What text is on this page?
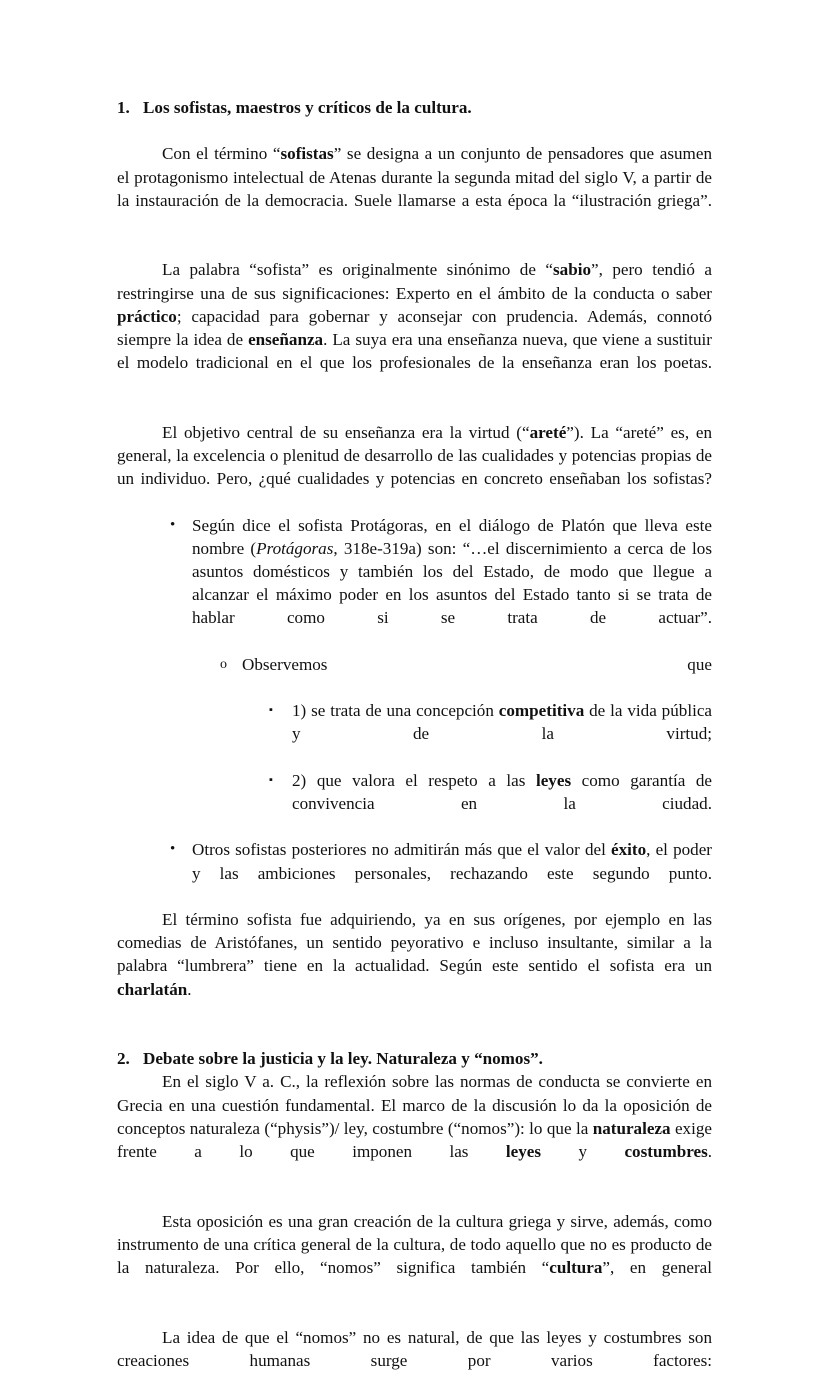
1. Los sofistas, maestros y críticos de la cultura.

Con el término “sofistas” se designa a un conjunto de pensadores que asumen el protagonismo intelectual de Atenas durante la segunda mitad del siglo V, a partir de la instauración de la democracia. Suele llamarse a esta época la “ilustración griega”.

La palabra “sofista” es originalmente sinónimo de “sabio”, pero tendió a restringirse una de sus significaciones: Experto en el ámbito de la conducta o saber práctico; capacidad para gobernar y aconsejar con prudencia. Además, connotó siempre la idea de enseñanza. La suya era una enseñanza nueva, que viene a sustituir el modelo tradicional en el que los profesionales de la enseñanza eran los poetas.

El objetivo central de su enseñanza era la virtud (“areté”). La “areté” es, en general, la excelencia o plenitud de desarrollo de las cualidades y potencias propias de un individuo. Pero, ¿qué cualidades y potencias en concreto enseñaban los sofistas?

• Según dice el sofista Protágoras, en el diálogo de Platón que lleva este nombre (Protágoras, 318e-319a) son: “…el discernimiento a cerca de los asuntos domésticos y también los del Estado, de modo que llegue a alcanzar el máximo poder en los asuntos del Estado tanto si se trata de hablar como si se trata de actuar”.
o Observemos que
▪	1) se trata de una concepción competitiva de la vida pública y de la virtud;
▪	2) que valora el respeto a las leyes como garantía de convivencia en la ciudad.
• Otros sofistas posteriores no admitirán más que el valor del éxito, el poder y las ambiciones personales, rechazando este segundo punto.

El término sofista fue adquiriendo, ya en sus orígenes, por ejemplo en las comedias de Aristófanes, un sentido peyorativo e incluso insultante, similar a la palabra “lumbrera” tiene en la actualidad. Según este sentido el sofista era un charlatán.

2. Debate sobre la justicia y la ley. Naturaleza y “nomos”.

En el siglo V a. C., la reflexión sobre las normas de conducta se convierte en Grecia en una cuestión fundamental. El marco de la discusión lo da la oposición de conceptos naturaleza (“physis”)/ ley, costumbre (“nomos”): lo que la naturaleza exige frente a lo que imponen las leyes y costumbres.

Esta oposición es una gran creación de la cultura griega y sirve, además, como instrumento de una crítica general de la cultura, de todo aquello que no es producto de la naturaleza. Por ello, “nomos” significa también “cultura”, en general

La idea de que el “nomos” no es natural, de que las leyes y costumbres son creaciones humanas surge por varios factores:
